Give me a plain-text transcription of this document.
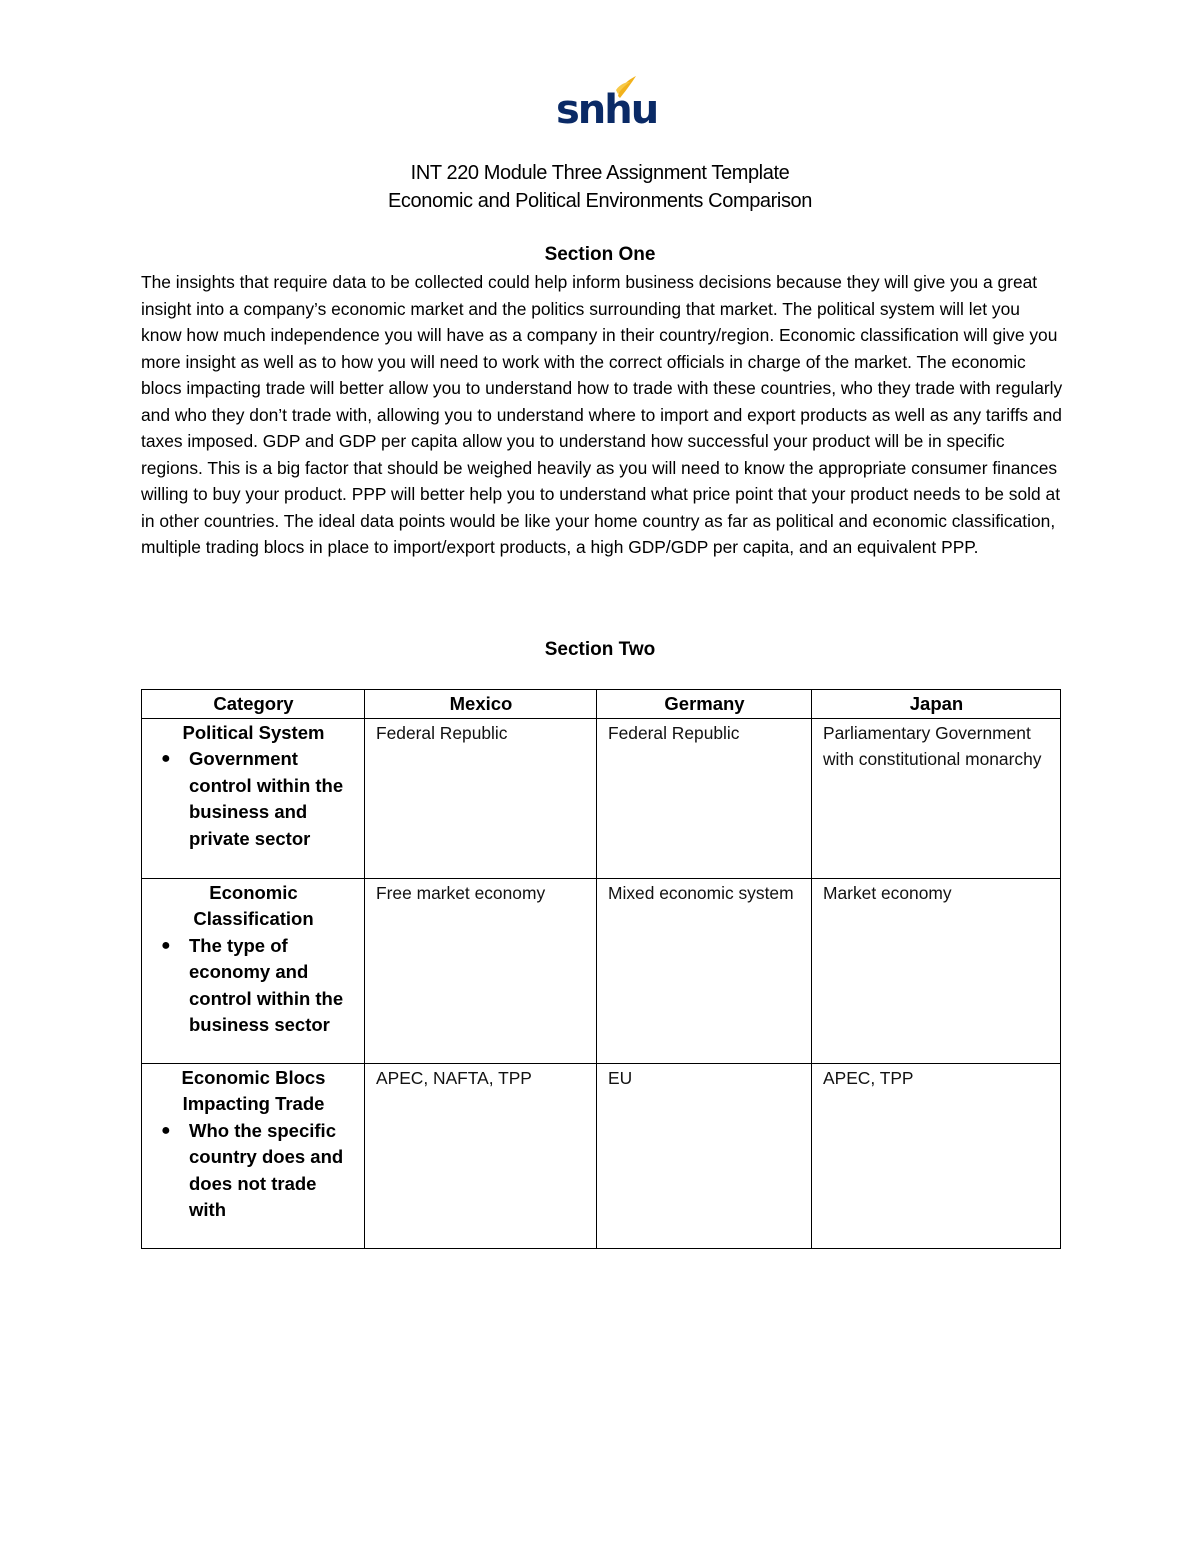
snhu
INT 220 Module Three Assignment Template
Economic and Political Environments Comparison
Section One
The insights that require data to be collected could help inform business decisions because they will give you a great insight into a company’s economic market and the politics surrounding that market. The political system will let you know how much independence you will have as a company in their country/region. Economic classification will give you more insight as well as to how you will need to work with the correct officials in charge of the market. The economic blocs impacting trade will better allow you to understand how to trade with these countries, who they trade with regularly and who they don’t trade with, allowing you to understand where to import and export products as well as any tariffs and taxes imposed. GDP and GDP per capita allow you to understand how successful your product will be in specific regions. This is a big factor that should be weighed heavily as you will need to know the appropriate consumer finances willing to buy your product. PPP will better help you to understand what price point that your product needs to be sold at in other countries. The ideal data points would be like your home country as far as political and economic classification, multiple trading blocs in place to import/export products, a high GDP/GDP per capita, and an equivalent PPP.
Section Two
Category	Mexico	Germany	Japan

Political System
● Government control within the business and private sector	Federal Republic	Federal Republic	Parliamentary Government with constitutional monarchy

Economic Classification
● The type of economy and control within the business sector	Free market economy	Mixed economic system	Market economy

Economic Blocs Impacting Trade
● Who the specific country does and does not trade with	APEC, NAFTA, TPP	EU	APEC, TPP
